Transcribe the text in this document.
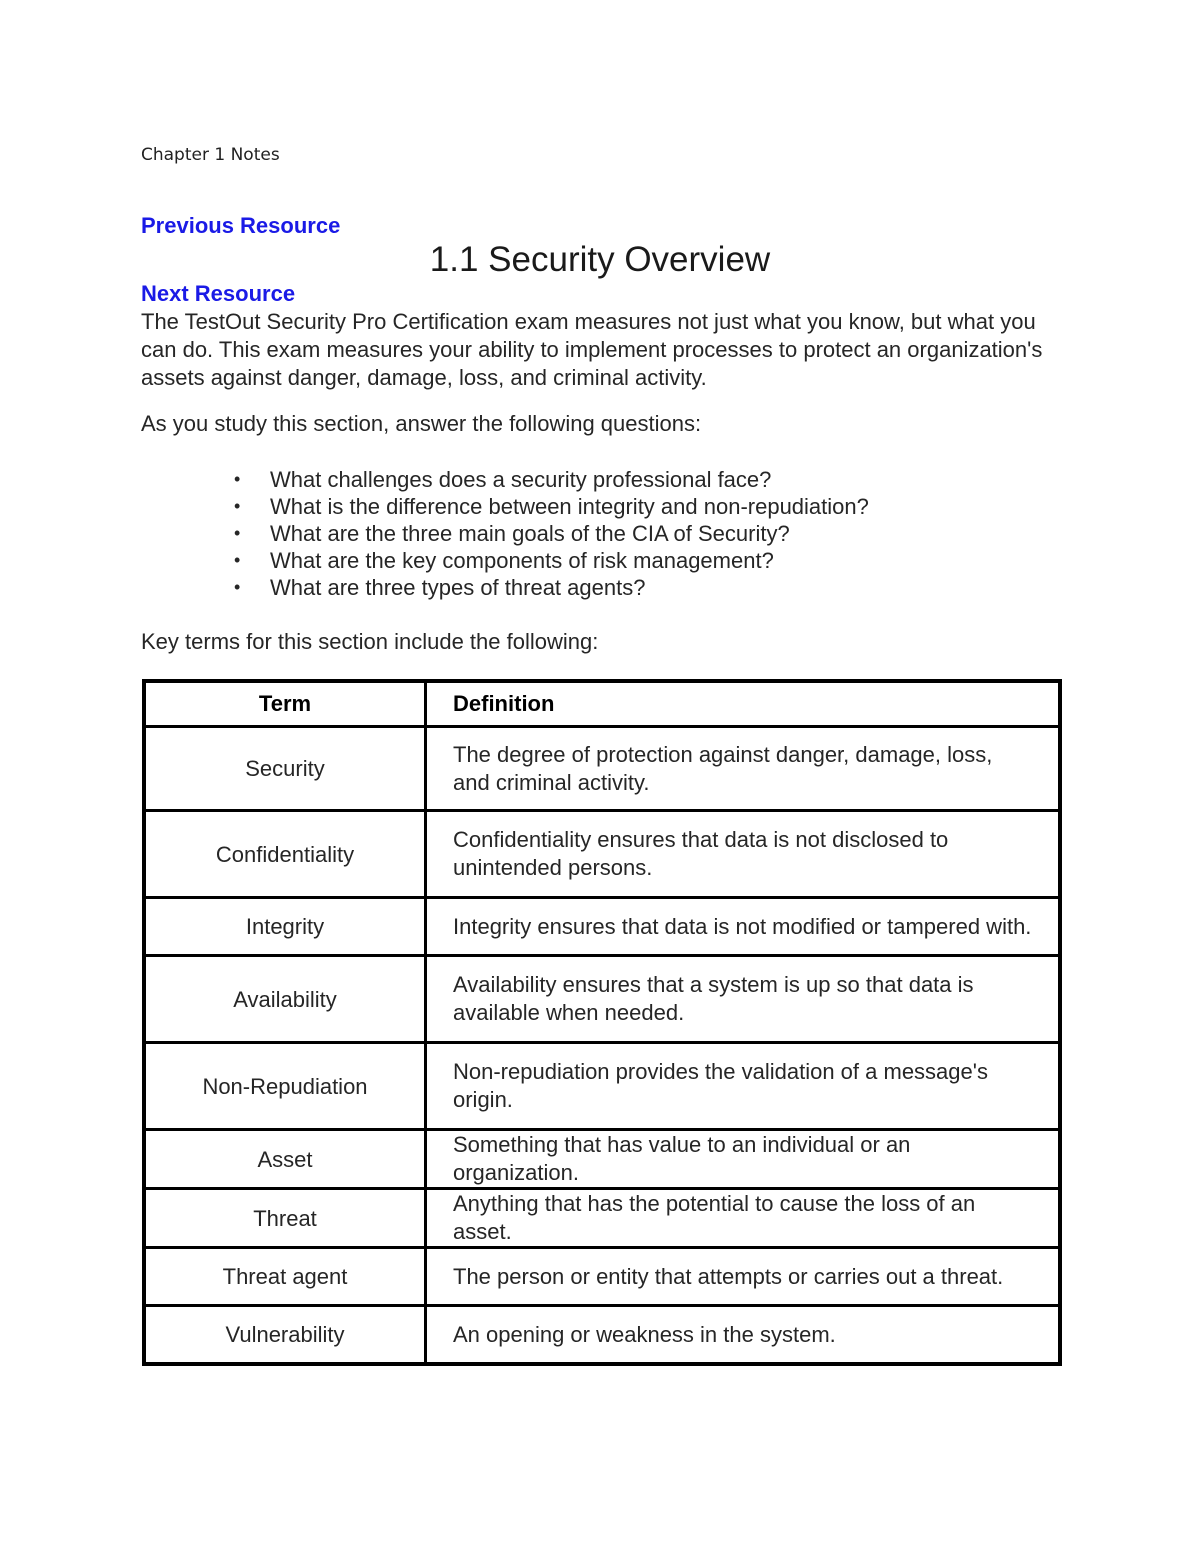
Chapter 1 Notes
Previous Resource
1.1 Security Overview
Next Resource
The TestOut Security Pro Certification exam measures not just what you know, but what you can do. This exam measures your ability to implement processes to protect an organization's assets against danger, damage, loss, and criminal activity.
As you study this section, answer the following questions:
• What challenges does a security professional face?
• What is the difference between integrity and non-repudiation?
• What are the three main goals of the CIA of Security?
• What are the key components of risk management?
• What are three types of threat agents?
Key terms for this section include the following:
Term	Definition
Security	The degree of protection against danger, damage, loss, and criminal activity.
Confidentiality	Confidentiality ensures that data is not disclosed to unintended persons.
Integrity	Integrity ensures that data is not modified or tampered with.
Availability	Availability ensures that a system is up so that data is available when needed.
Non-Repudiation	Non-repudiation provides the validation of a message's origin.
Asset	Something that has value to an individual or an organization.
Threat	Anything that has the potential to cause the loss of an asset.
Threat agent	The person or entity that attempts or carries out a threat.
Vulnerability	An opening or weakness in the system.
